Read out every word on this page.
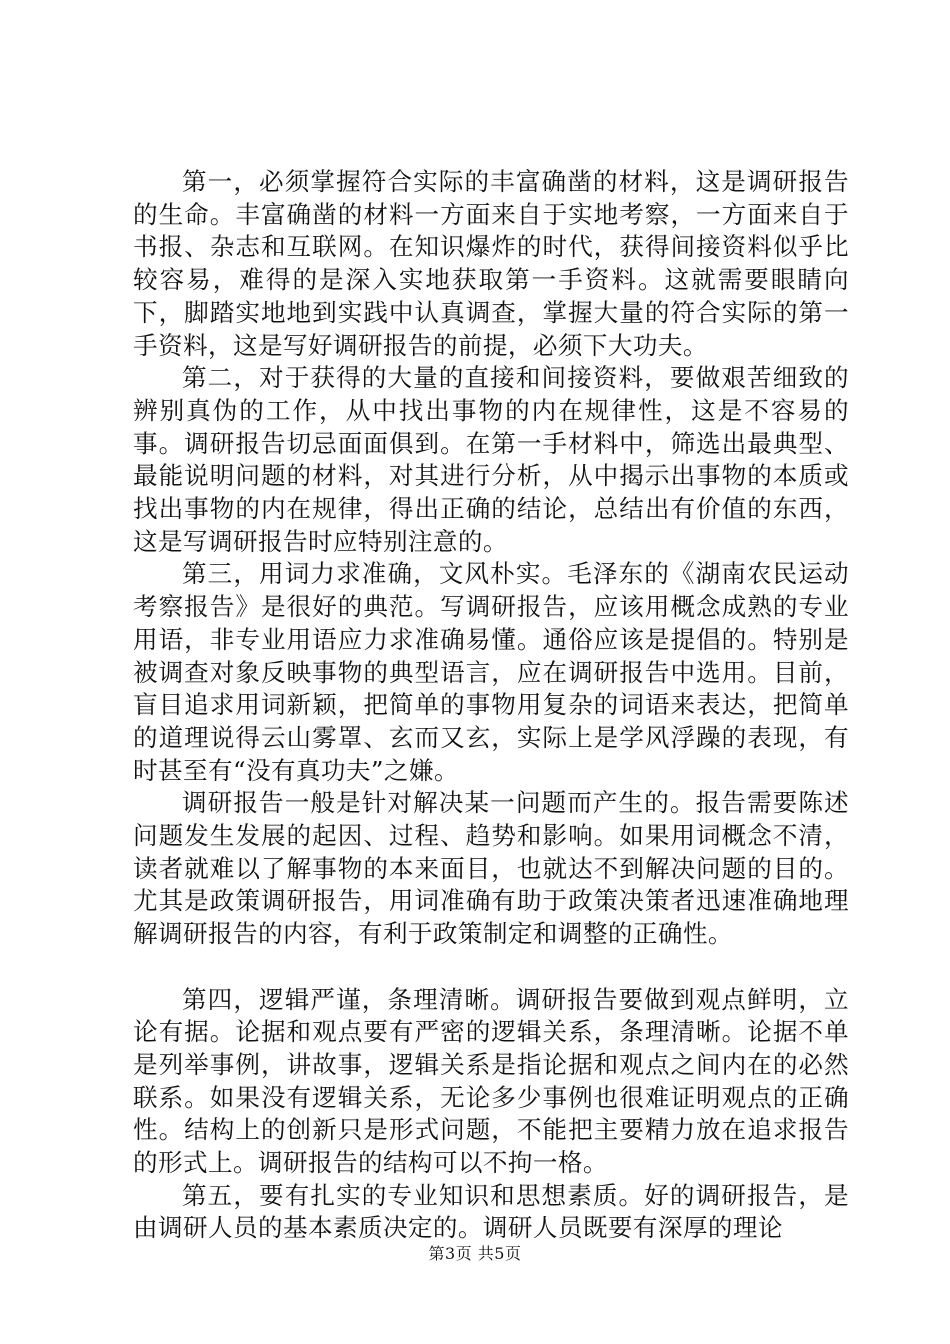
第一，必须掌握符合实际的丰富确凿的材料，这是调研报告的生命。丰富确凿的材料一方面来自于实地考察，一方面来自于书报、杂志和互联网。在知识爆炸的时代，获得间接资料似乎比较容易，难得的是深入实地获取第一手资料。这就需要眼睛向下，脚踏实地地到实践中认真调查，掌握大量的符合实际的第一手资料，这是写好调研报告的前提，必须下大功夫。

第二，对于获得的大量的直接和间接资料，要做艰苦细致的辨别真伪的工作，从中找出事物的内在规律性，这是不容易的事。调研报告切忌面面俱到。在第一手材料中，筛选出最典型、最能说明问题的材料，对其进行分析，从中揭示出事物的本质或找出事物的内在规律，得出正确的结论，总结出有价值的东西，这是写调研报告时应特别注意的。

第三，用词力求准确，文风朴实。毛泽东的《湖南农民运动考察报告》是很好的典范。写调研报告，应该用概念成熟的专业用语，非专业用语应力求准确易懂。通俗应该是提倡的。特别是被调查对象反映事物的典型语言，应在调研报告中选用。目前，盲目追求用词新颖，把简单的事物用复杂的词语来表达，把简单的道理说得云山雾罩、玄而又玄，实际上是学风浮躁的表现，有时甚至有“没有真功夫”之嫌。

调研报告一般是针对解决某一问题而产生的。报告需要陈述问题发生发展的起因、过程、趋势和影响。如果用词概念不清，读者就难以了解事物的本来面目，也就达不到解决问题的目的。尤其是政策调研报告，用词准确有助于政策决策者迅速准确地理解调研报告的内容，有利于政策制定和调整的正确性。

第四，逻辑严谨，条理清晰。调研报告要做到观点鲜明，立论有据。论据和观点要有严密的逻辑关系，条理清晰。论据不单是列举事例，讲故事，逻辑关系是指论据和观点之间内在的必然联系。如果没有逻辑关系，无论多少事例也很难证明观点的正确性。结构上的创新只是形式问题，不能把主要精力放在追求报告的形式上。调研报告的结构可以不拘一格。

第五，要有扎实的专业知识和思想素质。好的调研报告，是由调研人员的基本素质决定的。调研人员既要有深厚的理论

第3页 共5页
